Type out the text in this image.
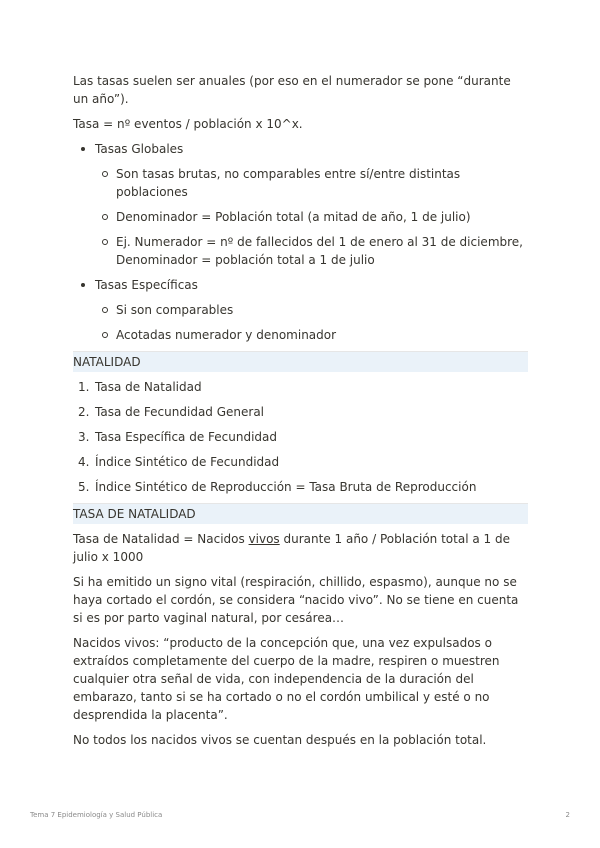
Las tasas suelen ser anuales (por eso en el numerador se pone “durante un año”).

Tasa = nº eventos / población x 10^x.

Tasas Globales
Son tasas brutas, no comparables entre sí/entre distintas poblaciones
Denominador = Población total (a mitad de año, 1 de julio)
Ej. Numerador = nº de fallecidos del 1 de enero al 31 de diciembre, Denominador = población total a 1 de julio
Tasas Específicas
Si son comparables
Acotadas numerador y denominador
NATALIDAD
1. Tasa de Natalidad
2. Tasa de Fecundidad General
3. Tasa Específica de Fecundidad
4. Índice Sintético de Fecundidad
5. Índice Sintético de Reproducción = Tasa Bruta de Reproducción
TASA DE NATALIDAD

Tasa de Natalidad = Nacidos vivos durante 1 año / Población total a 1 de julio x 1000

Si ha emitido un signo vital (respiración, chillido, espasmo), aunque no se haya cortado el cordón, se considera “nacido vivo”. No se tiene en cuenta si es por parto vaginal natural, por cesárea…

Nacidos vivos: “producto de la concepción que, una vez expulsados o extraídos completamente del cuerpo de la madre, respiren o muestren cualquier otra señal de vida, con independencia de la duración del embarazo, tanto si se ha cortado o no el cordón umbilical y esté o no desprendida la placenta”.

No todos los nacidos vivos se cuentan después en la población total.

Tema 7 Epidemiología y Salud Pública	2
